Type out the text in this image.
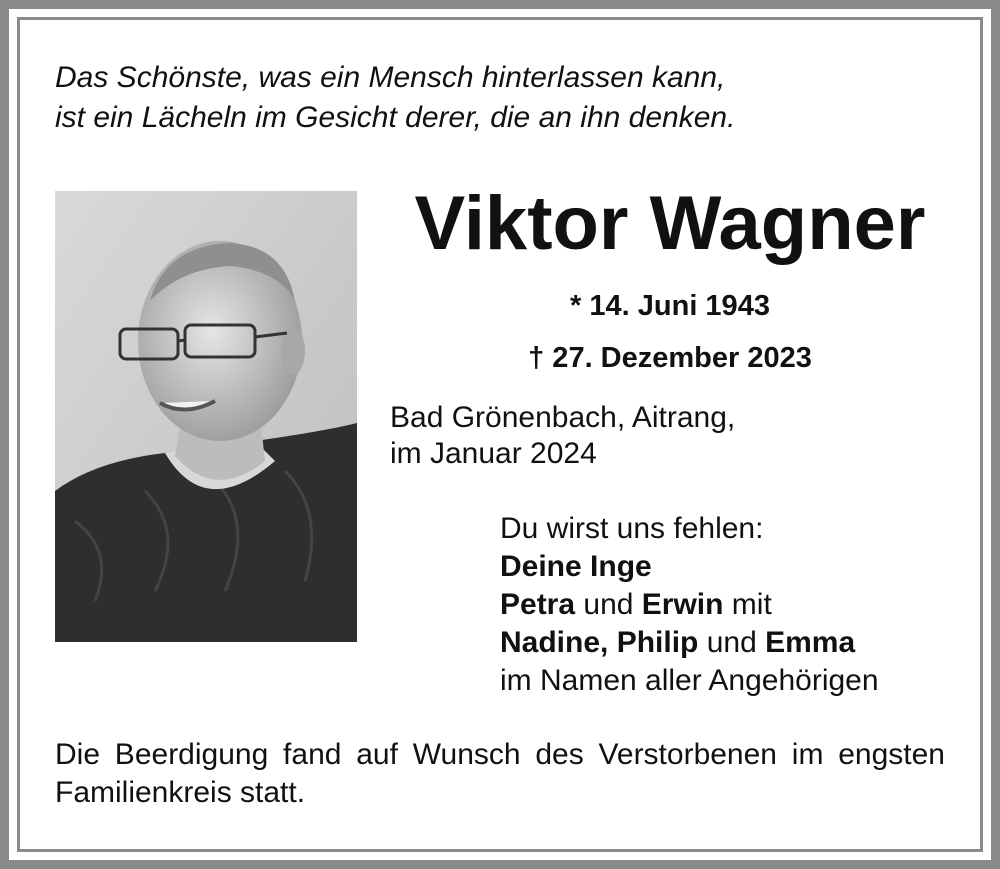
Das Schönste, was ein Mensch hinterlassen kann,
ist ein Lächeln im Gesicht derer, die an ihn denken.
Viktor Wagner
* 14. Juni 1943
† 27. Dezember 2023
Bad Grönenbach, Aitrang,
im Januar 2024
Du wirst uns fehlen:
Deine Inge
Petra und Erwin mit
Nadine, Philip und Emma
im Namen aller Angehörigen
Die Beerdigung fand auf Wunsch des Verstorbenen im engsten Familienkreis statt.
